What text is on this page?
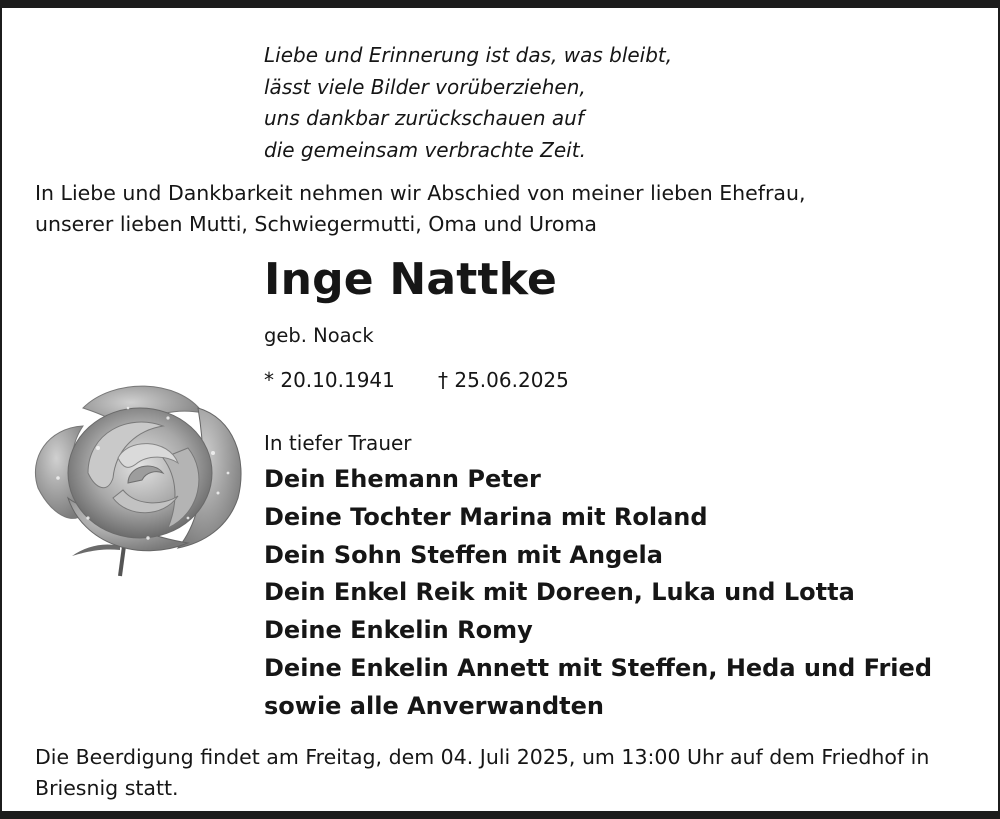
Liebe und Erinnerung ist das, was bleibt,
lässt viele Bilder vorüberziehen,
uns dankbar zurückschauen auf
die gemeinsam verbrachte Zeit.
In Liebe und Dankbarkeit nehmen wir Abschied von meiner lieben Ehefrau,
unserer lieben Mutti, Schwiegermutti, Oma und Uroma
Inge Nattke
geb. Noack
* 20.10.1941 † 25.06.2025
In tiefer Trauer
Dein Ehemann Peter
Deine Tochter Marina mit Roland
Dein Sohn Steffen mit Angela
Dein Enkel Reik mit Doreen, Luka und Lotta
Deine Enkelin Romy
Deine Enkelin Annett mit Steffen, Heda und Fried
sowie alle Anverwandten
Die Beerdigung findet am Freitag, dem 04. Juli 2025, um 13:00 Uhr auf dem Friedhof in
Briesnig statt.
